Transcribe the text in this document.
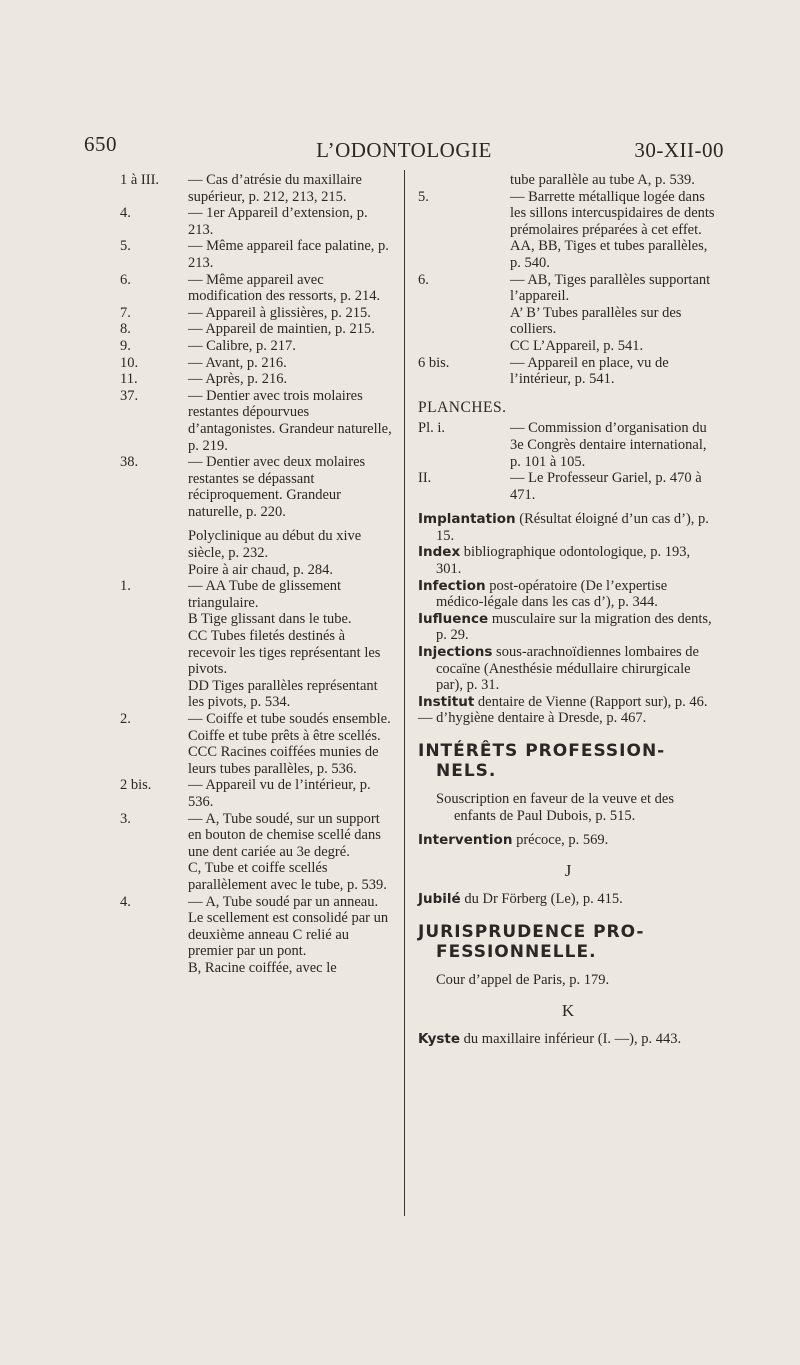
650	L’ODONTOLOGIE	30-XII-00
1 à III. — Cas d’atrésie du maxillaire supérieur, p. 212, 213, 215.
4.	— 1er Appareil d’extension, p. 213.
5.	— Même appareil face palatine, p. 213.
6.	— Même appareil avec modification des ressorts, p. 214.
7.	— Appareil à glissières, p. 215.
8.	— Appareil de maintien, p. 215.
9.	— Calibre, p. 217.
10.	— Avant, p. 216.
11.	— Après, p. 216.
37.	— Dentier avec trois molaires restantes dépourvues d’antagonistes. Grandeur naturelle, p. 219.
38.	— Dentier avec deux molaires restantes se dépassant réciproquement. Grandeur naturelle, p. 220.
Polyclinique au début du xive siècle, p. 232.
Poire à air chaud, p. 284.
1.	— AA Tube de glissement triangulaire.
B Tige glissant dans le tube.
CC Tubes filetés destinés à recevoir les tiges représentant les pivots.
DD Tiges parallèles représentant les pivots, p. 534.
2.	— Coiffe et tube soudés ensemble.
Coiffe et tube prêts à être scellés.
CCC Racines coiffées munies de leurs tubes parallèles, p. 536.
2 bis.	— Appareil vu de l’intérieur, p. 536.
3.	— A, Tube soudé, sur un support en bouton de chemise scellé dans une dent cariée au 3e degré.
C, Tube et coiffe scellés parallèlement avec le tube, p. 539.
4.	— A, Tube soudé par un anneau. Le scellement est consolidé par un deuxième anneau C relié au premier par un pont.
B, Racine coiffée, avec le
tube parallèle au tube A, p. 539.
5.	— Barrette métallique logée dans les sillons intercuspidaires de dents prémolaires préparées à cet effet.
AA, BB, Tiges et tubes parallèles, p. 540.
6.	— AB, Tiges parallèles supportant l’appareil.
A’ B’ Tubes parallèles sur des colliers.
CC L’Appareil, p. 541.
6 bis.	— Appareil en place, vu de l’intérieur, p. 541.
PLANCHES.
Pl. i.	— Commission d’organisation du 3e Congrès dentaire international, p. 101 à 105.
II.	— Le Professeur Gariel, p. 470 à 471.
Implantation (Résultat éloigné d’un cas d’), p. 15.
Index bibliographique odontologique, p. 193, 301.
Infection post-opératoire (De l’expertise médico-légale dans les cas d’), p. 344.
Iufluence musculaire sur la migration des dents, p. 29.
Injections sous-arachnoïdiennes lombaires de cocaïne (Anesthésie médullaire chirurgicale par), p. 31.
Institut dentaire de Vienne (Rapport sur), p. 46.
— d’hygiène dentaire à Dresde, p. 467.
INTÉRÊTS PROFESSION-
NELS.
Souscription en faveur de la veuve et des enfants de Paul Dubois, p. 515.
Intervention précoce, p. 569.
J
Jubilé du Dr Förberg (Le), p. 415.
JURISPRUDENCE PRO-
FESSIONNELLE.
Cour d’appel de Paris, p. 179.
K
Kyste du maxillaire inférieur (I. —), p. 443.
